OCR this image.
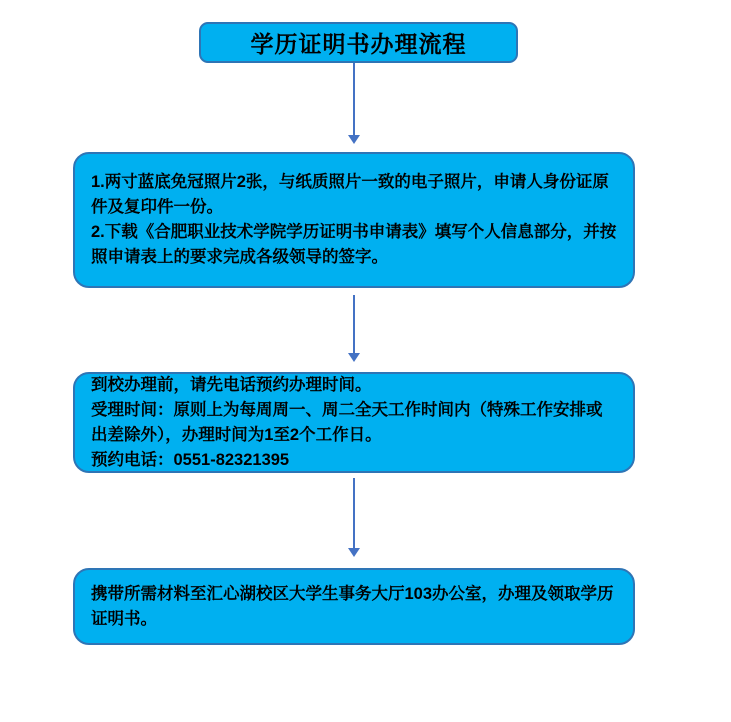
学历证明书办理流程

1.两寸蓝底免冠照片2张，与纸质照片一致的电子照片，申请人身份证原件及复印件一份。

2.下载《合肥职业技术学院学历证明书申请表》填写个人信息部分，并按照申请表上的要求完成各级领导的签字。

到校办理前，请先电话预约办理时间。

受理时间：原则上为每周周一、周二全天工作时间内（特殊工作安排或出差除外），办理时间为1至2个工作日。

预约电话：0551-82321395

携带所需材料至汇心湖校区大学生事务大厅103办公室，办理及领取学历证明书。
